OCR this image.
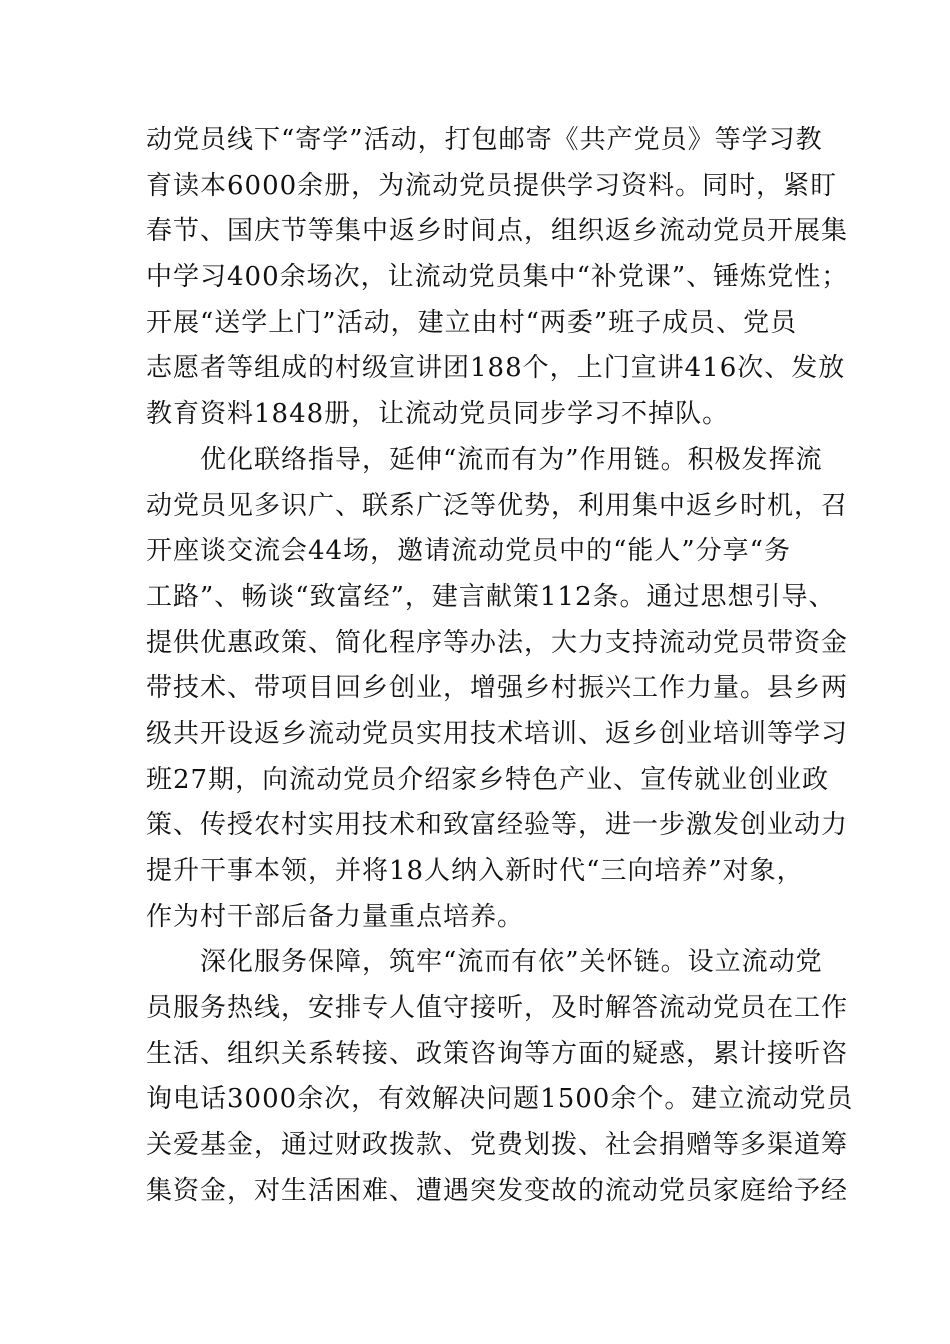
动党员线下“寄学”活动，打包邮寄《共产党员》等学习教
育读本6000余册，为流动党员提供学习资料。同时，紧盯
春节、国庆节等集中返乡时间点，组织返乡流动党员开展集
中学习400余场次，让流动党员集中“补党课”、锤炼党性；
开展“送学上门”活动，建立由村“两委”班子成员、党员
志愿者等组成的村级宣讲团188个，上门宣讲416次、发放
教育资料1848册，让流动党员同步学习不掉队。
　　优化联络指导，延伸“流而有为”作用链。积极发挥流
动党员见多识广、联系广泛等优势，利用集中返乡时机，召
开座谈交流会44场，邀请流动党员中的“能人”分享“务
工路”、畅谈“致富经”，建言献策112条。通过思想引导、
提供优惠政策、简化程序等办法，大力支持流动党员带资金
带技术、带项目回乡创业，增强乡村振兴工作力量。县乡两
级共开设返乡流动党员实用技术培训、返乡创业培训等学习
班27期，向流动党员介绍家乡特色产业、宣传就业创业政
策、传授农村实用技术和致富经验等，进一步激发创业动力
提升干事本领，并将18人纳入新时代“三向培养”对象，
作为村干部后备力量重点培养。
　　深化服务保障，筑牢“流而有依”关怀链。设立流动党
员服务热线，安排专人值守接听，及时解答流动党员在工作
生活、组织关系转接、政策咨询等方面的疑惑，累计接听咨
询电话3000余次，有效解决问题1500余个。建立流动党员
关爱基金，通过财政拨款、党费划拨、社会捐赠等多渠道筹
集资金，对生活困难、遭遇突发变故的流动党员家庭给予经
